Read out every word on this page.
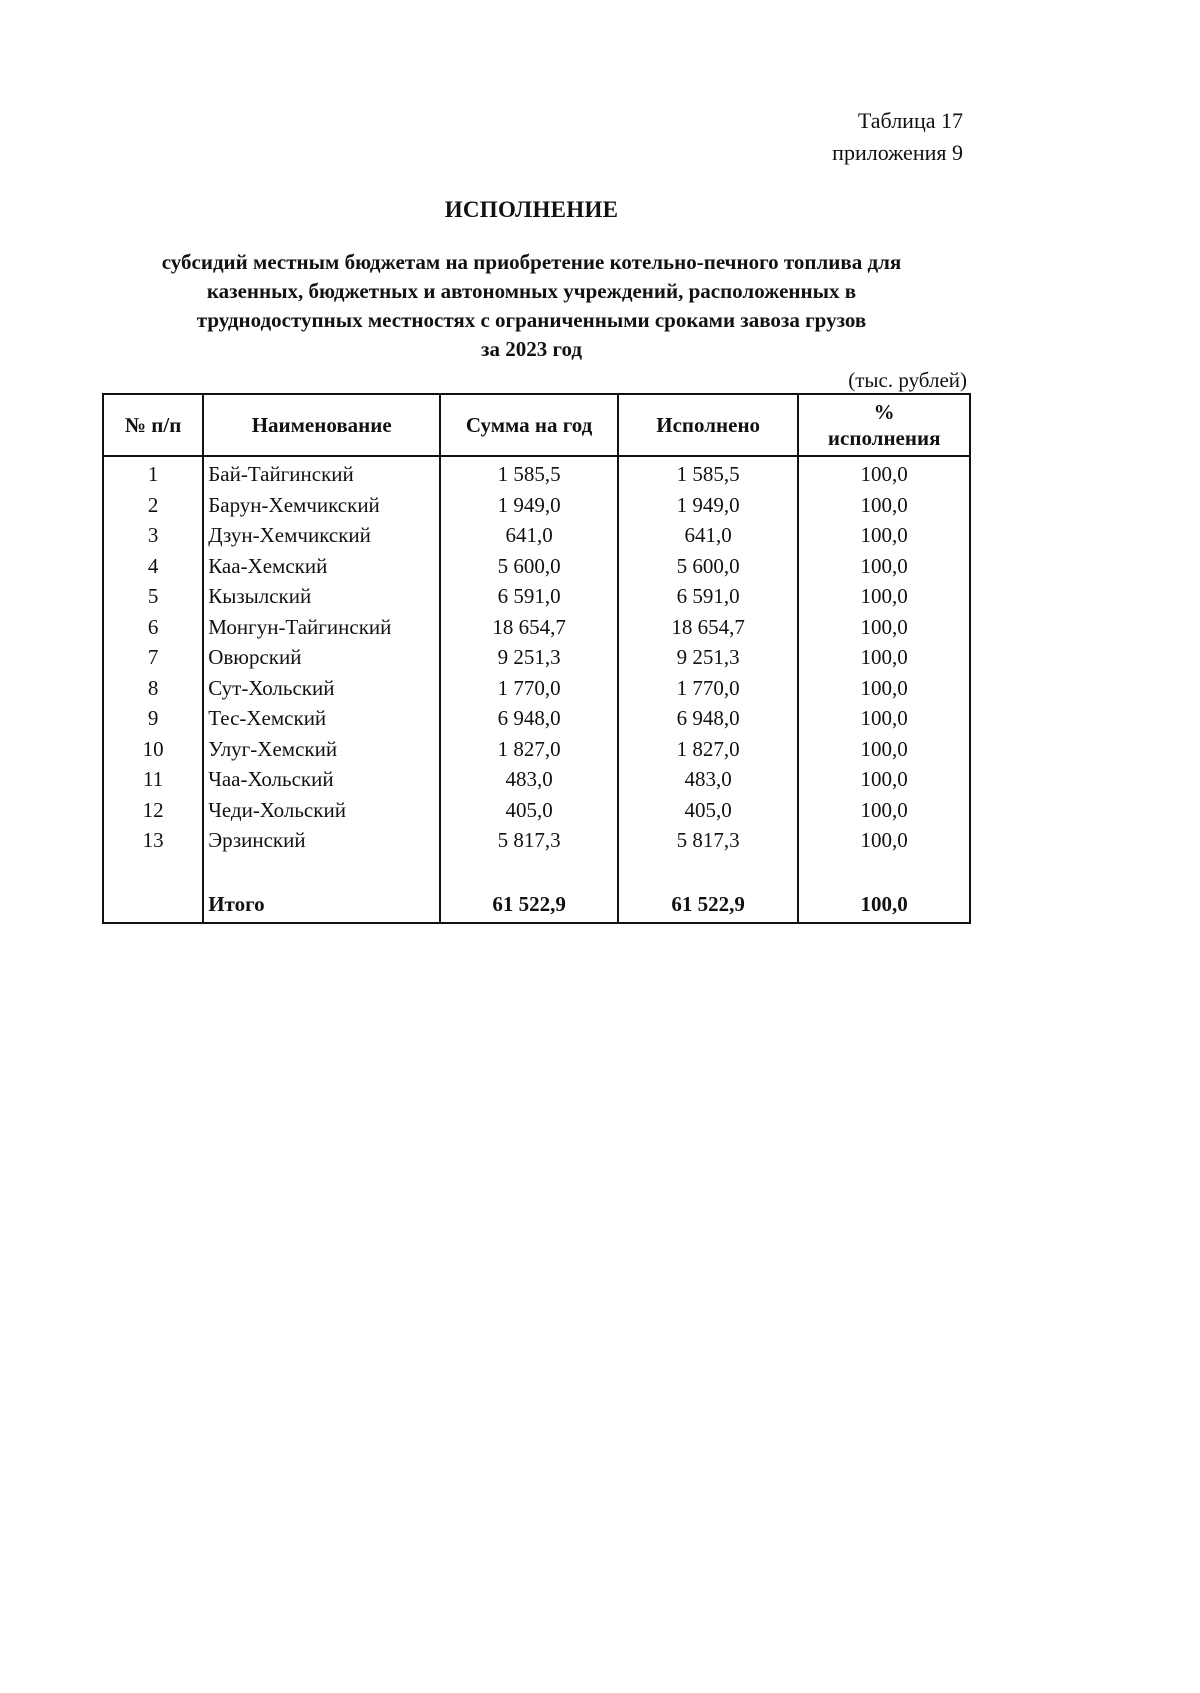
Таблица 17
приложения 9
ИСПОЛНЕНИЕ
субсидий местным бюджетам на приобретение котельно-печного топлива для
казенных, бюджетных и автономных учреждений, расположенных в
труднодоступных местностях с ограниченными сроками завоза грузов
за 2023 год
(тыс. рублей)
№ п/п	Наименование	Сумма на год	Исполнено	%
исполнения

1	Бай-Тайгинский	1 585,5	1 585,5	100,0
2	Барун-Хемчикский	1 949,0	1 949,0	100,0
3	Дзун-Хемчикский	641,0	641,0	100,0
4	Каа-Хемский	5 600,0	5 600,0	100,0
5	Кызылский	6 591,0	6 591,0	100,0
6	Монгун-Тайгинский	18 654,7	18 654,7	100,0
7	Овюрский	9 251,3	9 251,3	100,0
8	Сут-Хольский	1 770,0	1 770,0	100,0
9	Тес-Хемский	6 948,0	6 948,0	100,0
10	Улуг-Хемский	1 827,0	1 827,0	100,0
11	Чаа-Хольский	483,0	483,0	100,0
12	Чеди-Хольский	405,0	405,0	100,0
13	Эрзинский	5 817,3	5 817,3	100,0

	Итого	61 522,9	61 522,9	100,0
